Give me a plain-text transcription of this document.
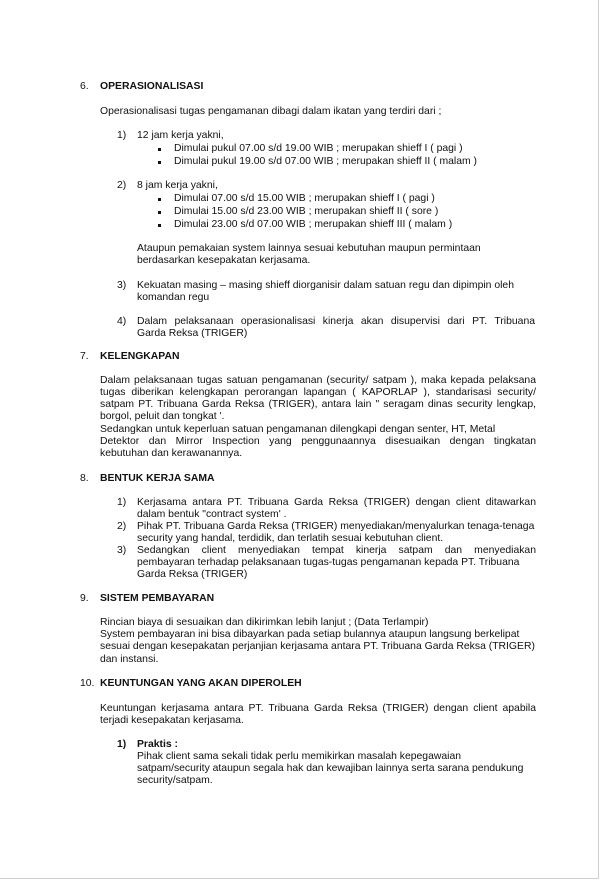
6. OPERASIONALISASI
Operasionalisasi tugas pengamanan dibagi dalam ikatan yang terdiri dari ;
1) 12 jam kerja yakni,
Dimulai pukul 07.00 s/d 19.00 WIB ; merupakan shieff I ( pagi )
Dimulai pukul 19.00 s/d 07.00 WIB ; merupakan shieff II ( malam )
2) 8 jam kerja yakni,
Dimulai 07.00 s/d 15.00 WIB ; merupakan shieff I ( pagi )
Dimulai 15.00 s/d 23.00 WIB ; merupakan shieff II ( sore )
Dimulai 23.00 s/d 07.00 WIB ; merupakan shieff III ( malam )
Ataupun pemakaian system lainnya sesuai kebutuhan maupun permintaan
berdasarkan kesepakatan kerjasama.
3) Kekuatan masing – masing shieff diorganisir dalam satuan regu dan dipimpin oleh
komandan regu
4) Dalam pelaksanaan operasionalisasi kinerja akan disupervisi dari PT. Tribuana
Garda Reksa (TRIGER)
7. KELENGKAPAN
Dalam pelaksanaan tugas satuan pengamanan (security/ satpam ), maka kepada pelaksana
tugas diberikan kelengkapan perorangan lapangan ( KAPORLAP ), standarisasi security/
satpam PT. Tribuana Garda Reksa (TRIGER), antara lain " seragam dinas security lengkap,
borgol, peluit dan tongkat '.
Sedangkan untuk keperluan satuan pengamanan dilengkapi dengan senter, HT, Metal
Detektor dan Mirror Inspection yang penggunaannya disesuaikan dengan tingkatan
kebutuhan dan kerawanannya.
8. BENTUK KERJA SAMA
1) Kerjasama antara PT. Tribuana Garda Reksa (TRIGER) dengan client ditawarkan
dalam bentuk "contract system' .
2) Pihak PT. Tribuana Garda Reksa (TRIGER) menyediakan/menyalurkan tenaga-tenaga
security yang handal, terdidik, dan terlatih sesuai kebutuhan client.
3) Sedangkan client menyediakan tempat kinerja satpam dan menyediakan
pembayaran terhadap pelaksanaan tugas-tugas pengamanan kepada PT. Tribuana
Garda Reksa (TRIGER)
9. SISTEM PEMBAYARAN
Rincian biaya di sesuaikan dan dikirimkan lebih lanjut ; (Data Terlampir)
System pembayaran ini bisa dibayarkan pada setiap bulannya ataupun langsung berkelipat
sesuai dengan kesepakatan perjanjian kerjasama antara PT. Tribuana Garda Reksa (TRIGER)
dan instansi.
10. KEUNTUNGAN YANG AKAN DIPEROLEH
Keuntungan kerjasama antara PT. Tribuana Garda Reksa (TRIGER) dengan client apabila
terjadi kesepakatan kerjasama.
1) Praktis :
Pihak client sama sekali tidak perlu memikirkan masalah kepegawaian
satpam/security ataupun segala hak dan kewajiban lainnya serta sarana pendukung
security/satpam.
